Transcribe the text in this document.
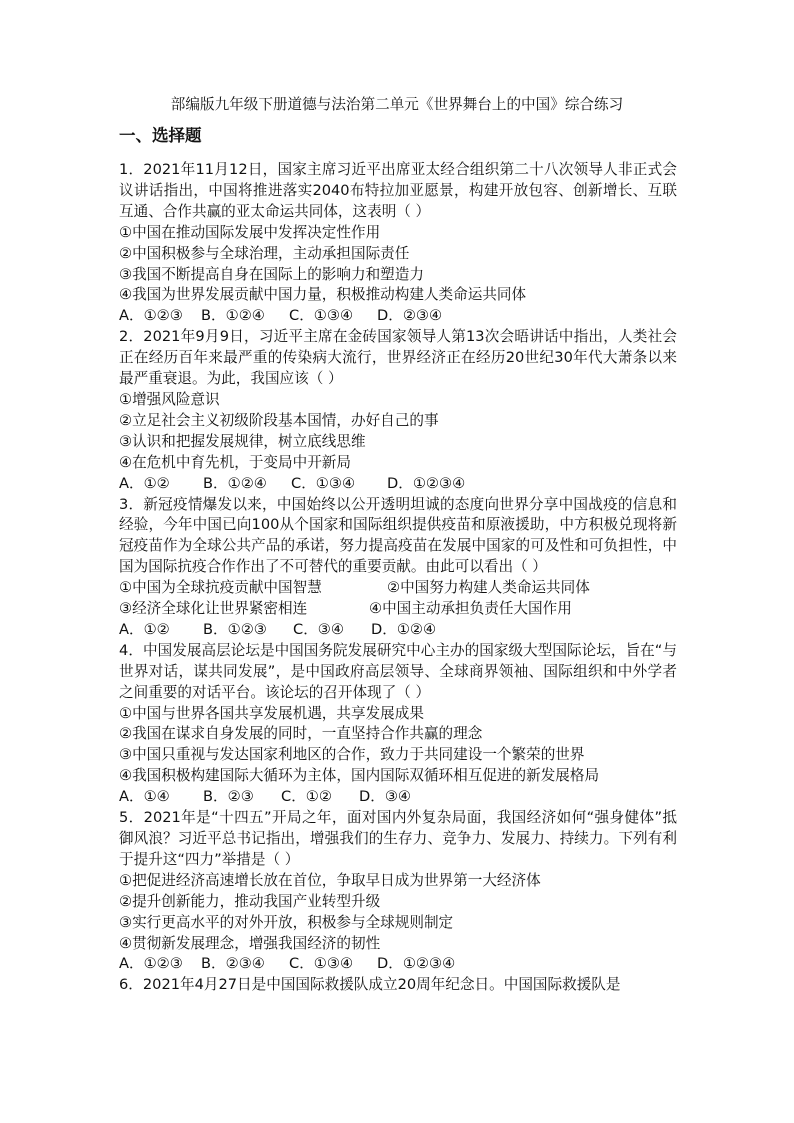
部编版九年级下册道德与法治第二单元《世界舞台上的中国》综合练习
一、选择题

1．2021年11月12日，国家主席习近平出席亚太经合组织第二十八次领导人非正式会议讲话指出，中国将推进落实2040布特拉加亚愿景，构建开放包容、创新增长、互联互通、合作共赢的亚太命运共同体，这表明（ ）

①中国在推动国际发展中发挥决定性作用

②中国积极参与全球治理，主动承担国际责任

③我国不断提高自身在国际上的影响力和塑造力

④我国为世界发展贡献中国力量，积极推动构建人类命运共同体

A．①②③ B．①②④ C．①③④ D．②③④

2．2021年9月9日，习近平主席在金砖国家领导人第13次会晤讲话中指出，人类社会正在经历百年来最严重的传染病大流行，世界经济正在经历20世纪30年代大萧条以来最严重衰退。为此，我国应该（ ）

①增强风险意识

②立足社会主义初级阶段基本国情，办好自己的事

③认识和把握发展规律，树立底线思维

④在危机中育先机，于变局中开新局

A．①② B．①②④ C．①③④ D．①②③④

3．新冠疫情爆发以来，中国始终以公开透明坦诚的态度向世界分享中国战疫的信息和经验，今年中国已向100从个国家和国际组织提供疫苗和原液援助，中方积极兑现将新冠疫苗作为全球公共产品的承诺，努力提高疫苗在发展中国家的可及性和可负担性，中国为国际抗疫合作作出了不可替代的重要贡献。由此可以看出（ ）

①中国为全球抗疫贡献中国智慧	②中国努力构建人类命运共同体

③经济全球化让世界紧密相连	④中国主动承担负责任大国作用

A．①② B．①②③ C．③④ D．①②④

4．中国发展高层论坛是中国国务院发展研究中心主办的国家级大型国际论坛，旨在“与世界对话，谋共同发展”，是中国政府高层领导、全球商界领袖、国际组织和中外学者之间重要的对话平台。该论坛的召开体现了（ ）

①中国与世界各国共享发展机遇，共享发展成果

②我国在谋求自身发展的同时，一直坚持合作共赢的理念

③中国只重视与发达国家利地区的合作，致力于共同建设一个繁荣的世界

④我国积极构建国际大循环为主体，国内国际双循环相互促进的新发展格局

A．①④ B．②③ C．①② D．③④

5．2021年是“十四五”开局之年，面对国内外复杂局面，我国经济如何“强身健体”抵御风浪？习近平总书记指出，增强我们的生存力、竞争力、发展力、持续力。下列有利于提升这“四力”举措是（ ）

①把促进经济高速增长放在首位，争取早日成为世界第一大经济体

②提升创新能力，推动我国产业转型升级

③实行更高水平的对外开放，积极参与全球规则制定

④贯彻新发展理念，增强我国经济的韧性

A．①②③ B．②③④ C．①③④ D．①②③④

6．2021年4月27日是中国国际救援队成立20周年纪念日。中国国际救援队是
